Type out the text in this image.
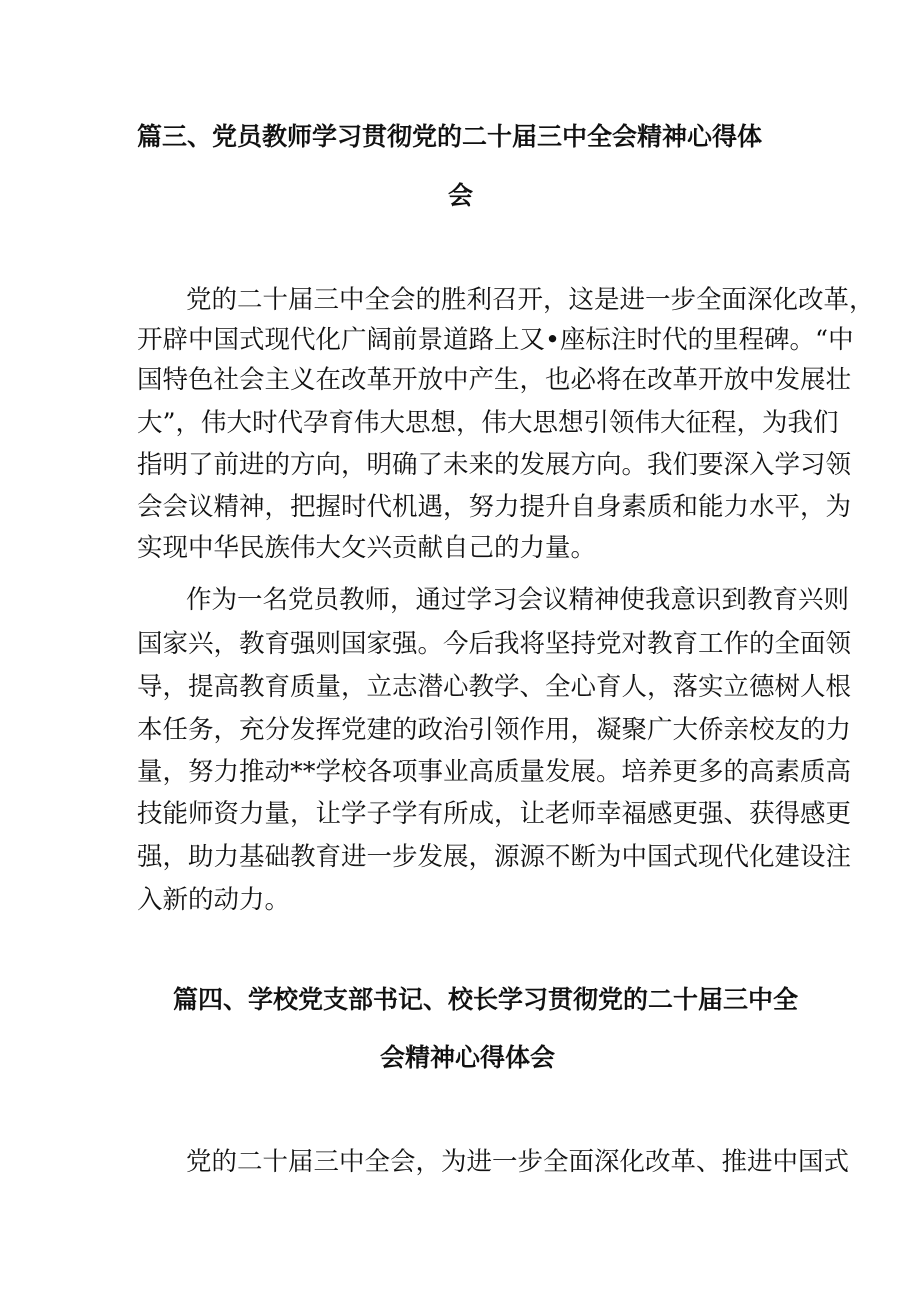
篇三、党员教师学习贯彻党的二十届三中全会精神心得体
会
党的二十届三中全会的胜利召开，这是进一步全面深化改革，
开辟中国式现代化广阔前景道路上又•座标注时代的里程碑。“中
国特色社会主义在改革开放中产生，也必将在改革开放中发展壮
大”，伟大时代孕育伟大思想，伟大思想引领伟大征程，为我们
指明了前进的方向，明确了未来的发展方向。我们要深入学习领
会会议精神，把握时代机遇，努力提升自身素质和能力水平，为
实现中华民族伟大攵兴贡献自己的力量。
作为一名党员教师，通过学习会议精神使我意识到教育兴则
国家兴，教育强则国家强。今后我将坚持党对教育工作的全面领
导，提高教育质量，立志潜心教学、全心育人，落实立德树人根
本任务，充分发挥党建的政治引领作用，凝聚广大侨亲校友的力
量，努力推动**学校各项事业高质量发展。培养更多的高素质高
技能师资力量，让学子学有所成，让老师幸福感更强、获得感更
强，助力基础教育进一步发展，源源不断为中国式现代化建设注
入新的动力。
篇四、学校党支部书记、校长学习贯彻党的二十届三中全
会精神心得体会
党的二十届三中全会，为进一步全面深化改革、推进中国式
